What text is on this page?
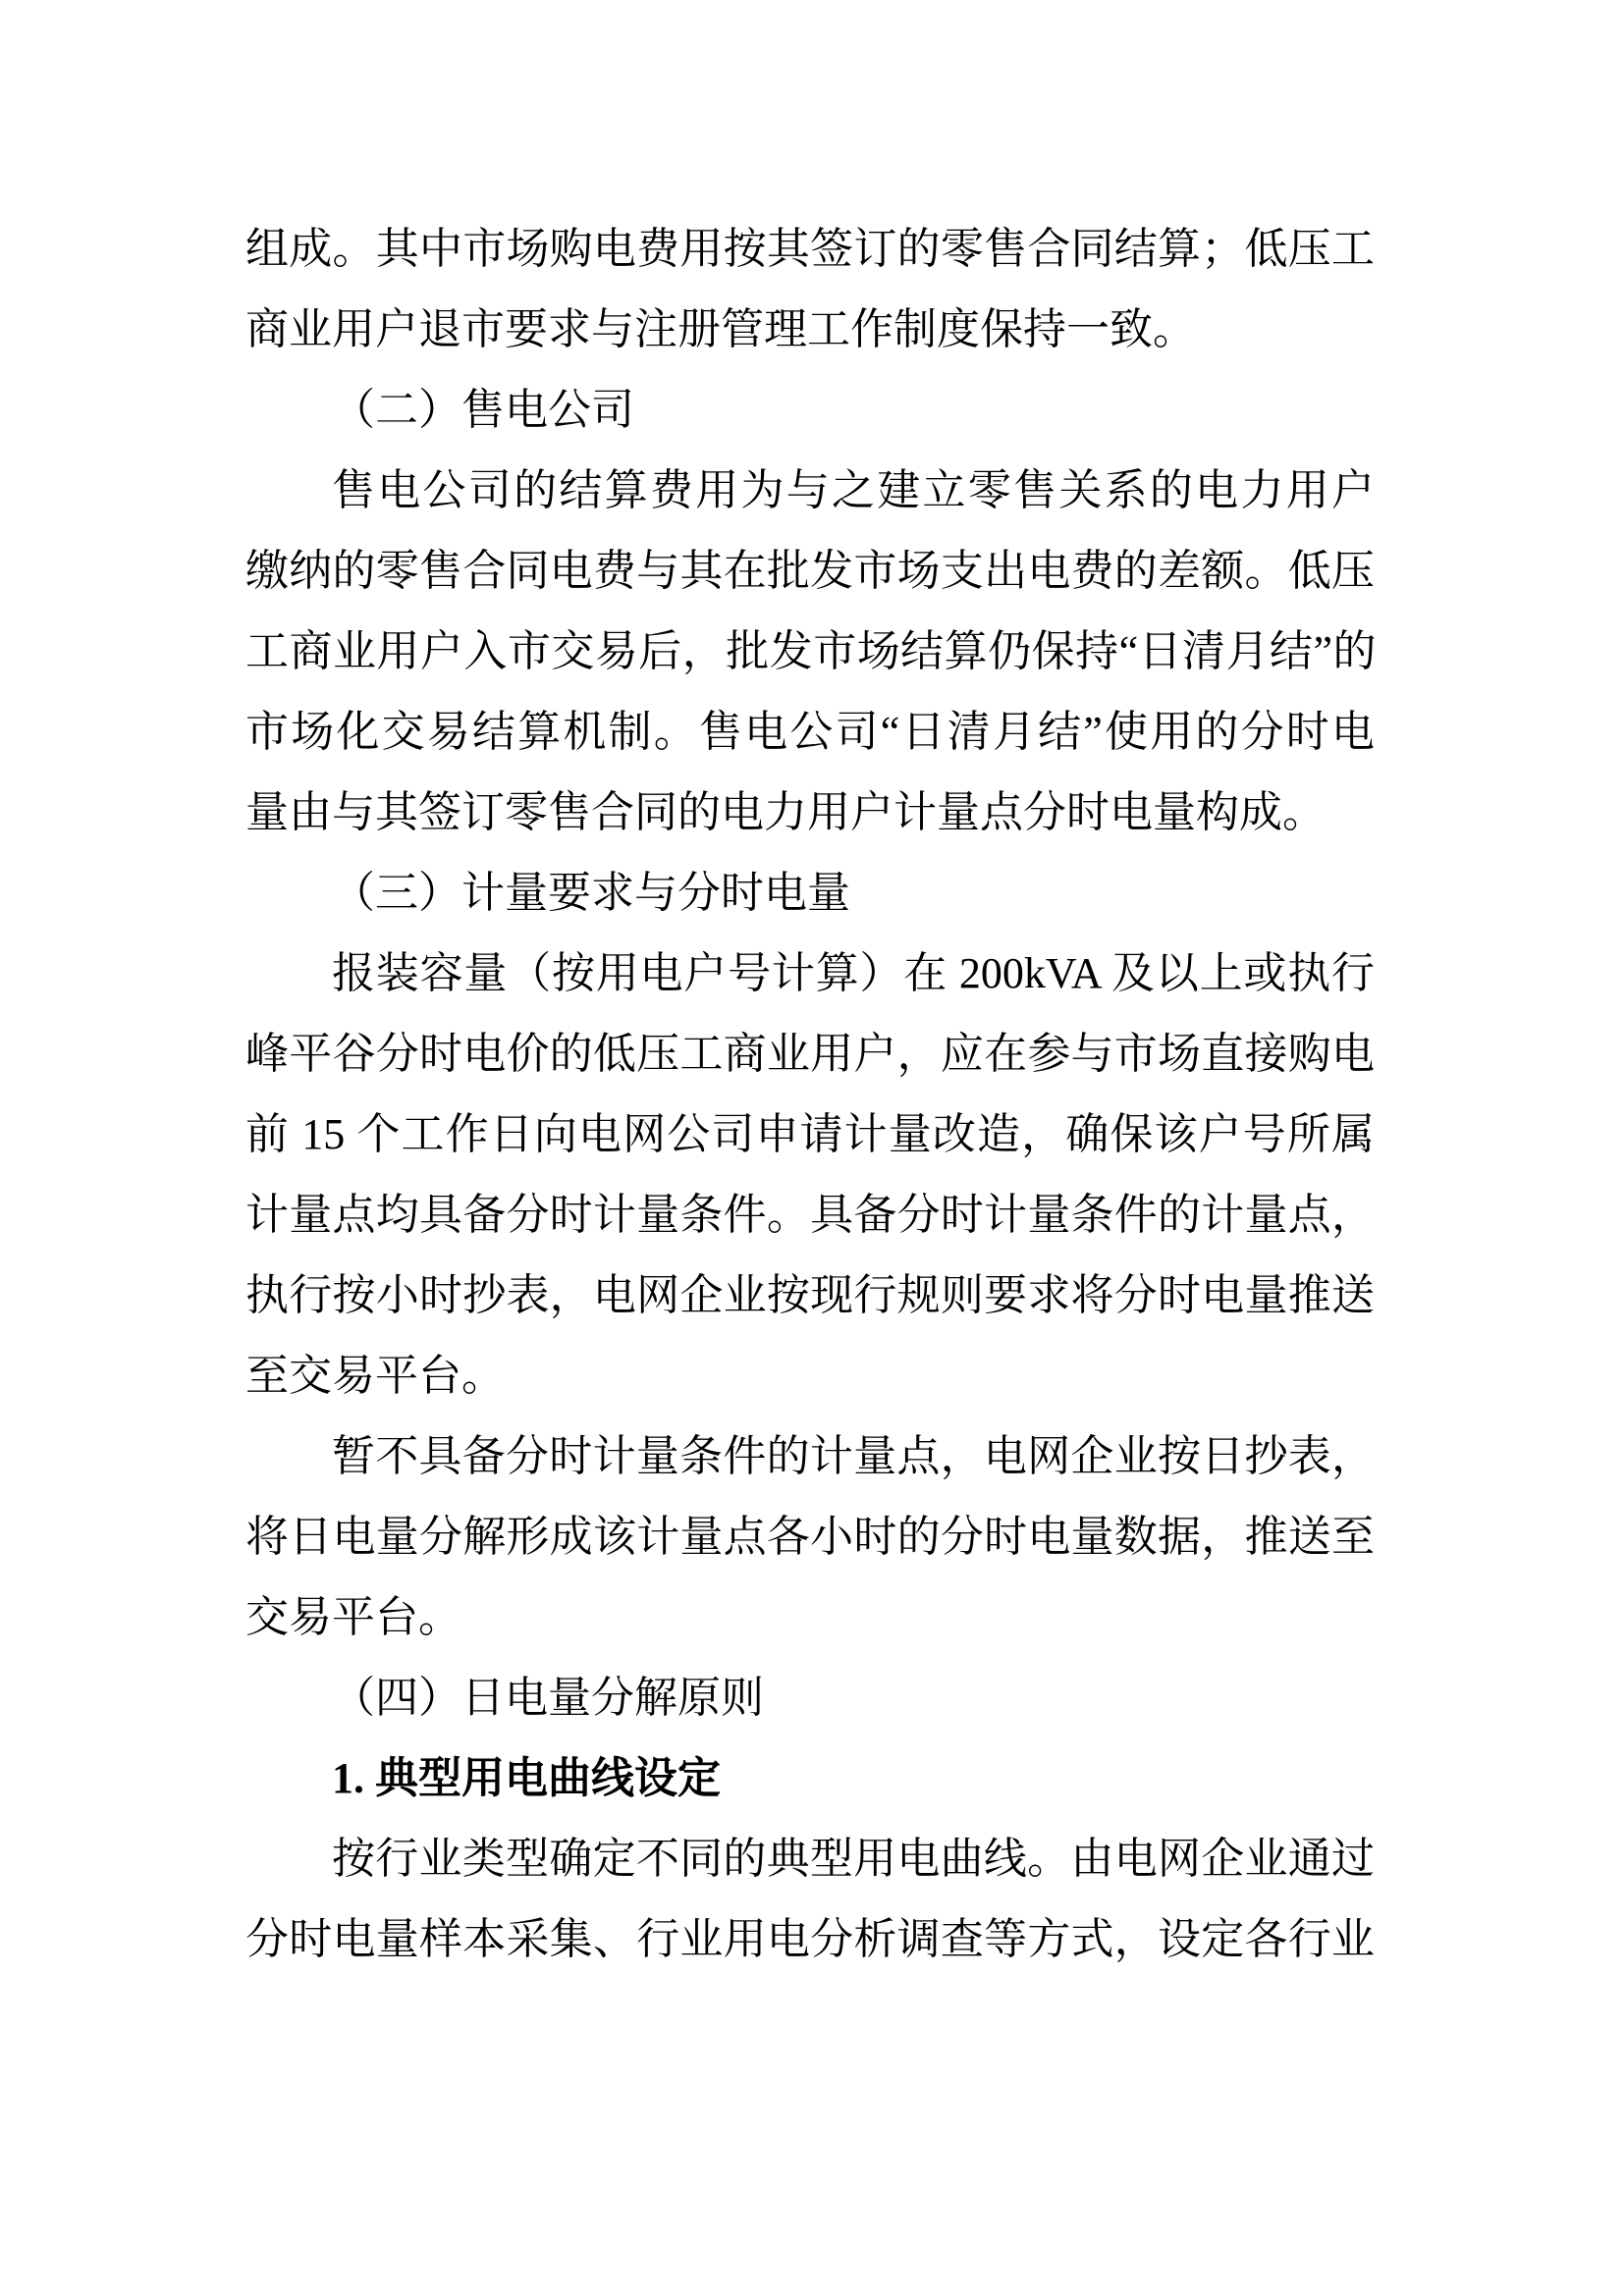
组成。其中市场购电费用按其签订的零售合同结算；低压工
商业用户退市要求与注册管理工作制度保持一致。
（二）售电公司
售电公司的结算费用为与之建立零售关系的电力用户
缴纳的零售合同电费与其在批发市场支出电费的差额。低压
工商业用户入市交易后，批发市场结算仍保持“日清月结”的
市场化交易结算机制。售电公司“日清月结”使用的分时电
量由与其签订零售合同的电力用户计量点分时电量构成。
（三）计量要求与分时电量
报装容量（按用电户号计算）在 200kVA 及以上或执行
峰平谷分时电价的低压工商业用户，应在参与市场直接购电
前 15 个工作日向电网公司申请计量改造，确保该户号所属
计量点均具备分时计量条件。具备分时计量条件的计量点，
执行按小时抄表，电网企业按现行规则要求将分时电量推送
至交易平台。
暂不具备分时计量条件的计量点，电网企业按日抄表，
将日电量分解形成该计量点各小时的分时电量数据，推送至
交易平台。
（四）日电量分解原则
1. 典型用电曲线设定
按行业类型确定不同的典型用电曲线。由电网企业通过
分时电量样本采集、行业用电分析调查等方式，设定各行业
